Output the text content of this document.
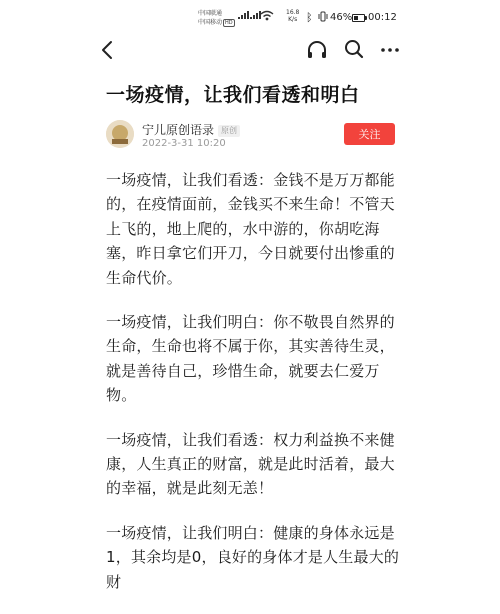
中国联通
中国移动 HD
16.8
K/s ᛒ 46% 00:12
一场疫情，让我们看透和明白
宁儿原创语录 原创
2022-3-31 10:20
关注

一场疫情，让我们看透：金钱不是万万都能的，在疫情面前，金钱买不来生命！不管天上飞的，地上爬的，水中游的，你胡吃海塞，昨日拿它们开刀，今日就要付出惨重的生命代价。

一场疫情，让我们明白：你不敬畏自然界的生命，生命也将不属于你，其实善待生灵，就是善待自己，珍惜生命，就要去仁爱万物。

一场疫情，让我们看透：权力利益换不来健康，人生真正的财富，就是此时活着，最大的幸福，就是此刻无恙！

一场疫情，让我们明白：健康的身体永远是1，其余均是0，良好的身体才是人生最大的财
